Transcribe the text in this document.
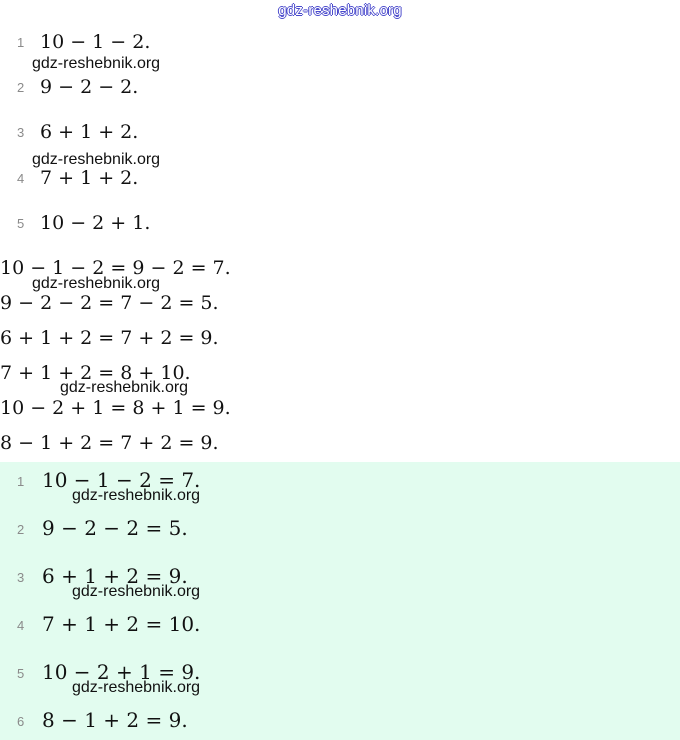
gdz-reshebnik.org
1 10 − 1 − 2.
2 9 − 2 − 2.
3 6 + 1 + 2.
4 7 + 1 + 2.
5 10 − 2 + 1.
10 − 1 − 2 = 9 − 2 = 7.
9 − 2 − 2 = 7 − 2 = 5.
6 + 1 + 2 = 7 + 2 = 9.
7 + 1 + 2 = 8 + 10.
10 − 2 + 1 = 8 + 1 = 9.
8 − 1 + 2 = 7 + 2 = 9.
1 10 − 1 − 2 = 7.
2 9 − 2 − 2 = 5.
3 6 + 1 + 2 = 9.
4 7 + 1 + 2 = 10.
5 10 − 2 + 1 = 9.
6 8 − 1 + 2 = 9.
gdz-reshebnik.org
gdz-reshebnik.org
gdz-reshebnik.org
gdz-reshebnik.org
gdz-reshebnik.org
gdz-reshebnik.org
gdz-reshebnik.org
